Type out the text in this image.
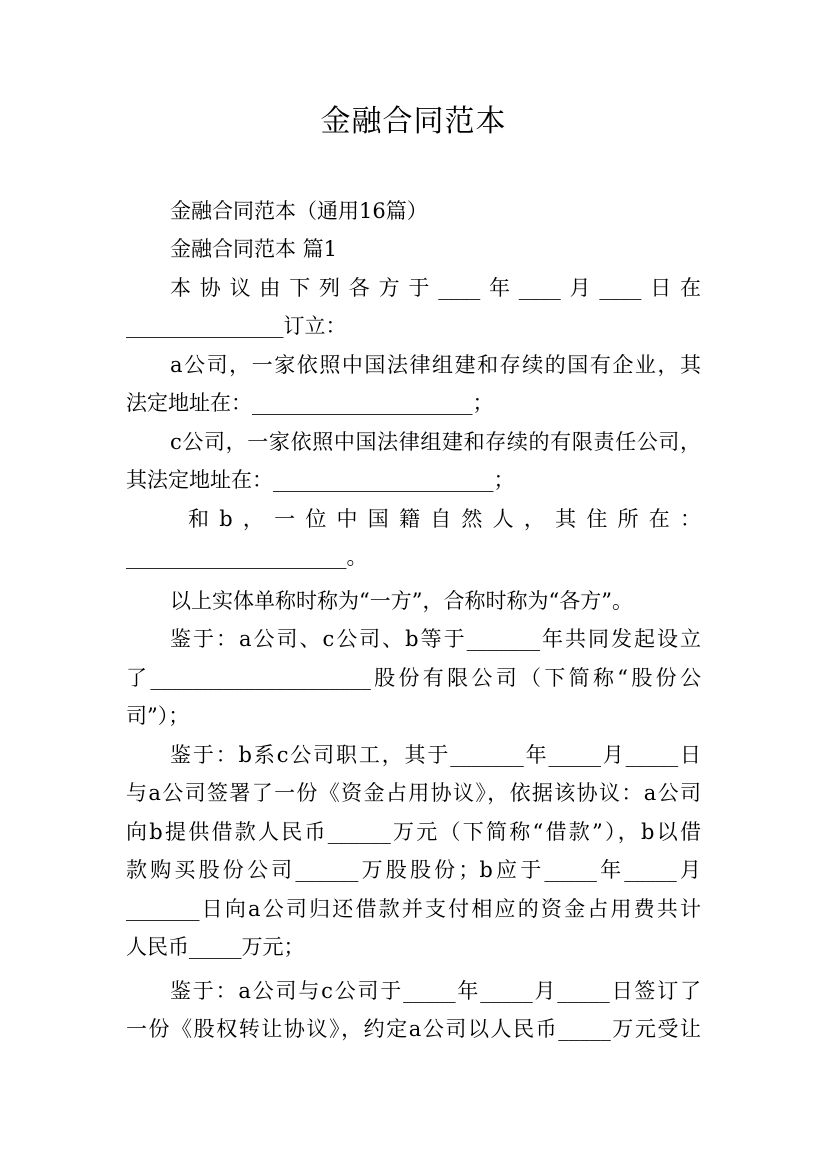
金融合同范本
金融合同范本（通用16篇）
金融合同范本 篇1
本协议由下列各方于____年____月____日在
_______________订立：
a公司，一家依照中国法律组建和存续的国有企业，其
法定地址在：_____________________；
c公司，一家依照中国法律组建和存续的有限责任公司，
其法定地址在：_____________________；
和b，一位中国籍自然人，其住所在：
_____________________。
以上实体单称时称为“一方”，合称时称为“各方”。
鉴于：a公司、c公司、b等于_______年共同发起设立
了_____________________股份有限公司（下简称“股份公
司”）；
鉴于：b系c公司职工，其于_______年_____月_____日
与a公司签署了一份《资金占用协议》，依据该协议：a公司
向b提供借款人民币______万元（下简称“借款”），b以借
款购买股份公司______万股股份；b应于_____年_____月
_______日向a公司归还借款并支付相应的资金占用费共计
人民币_____万元；
鉴于：a公司与c公司于_____年_____月_____日签订了
一份《股权转让协议》，约定a公司以人民币_____万元受让
